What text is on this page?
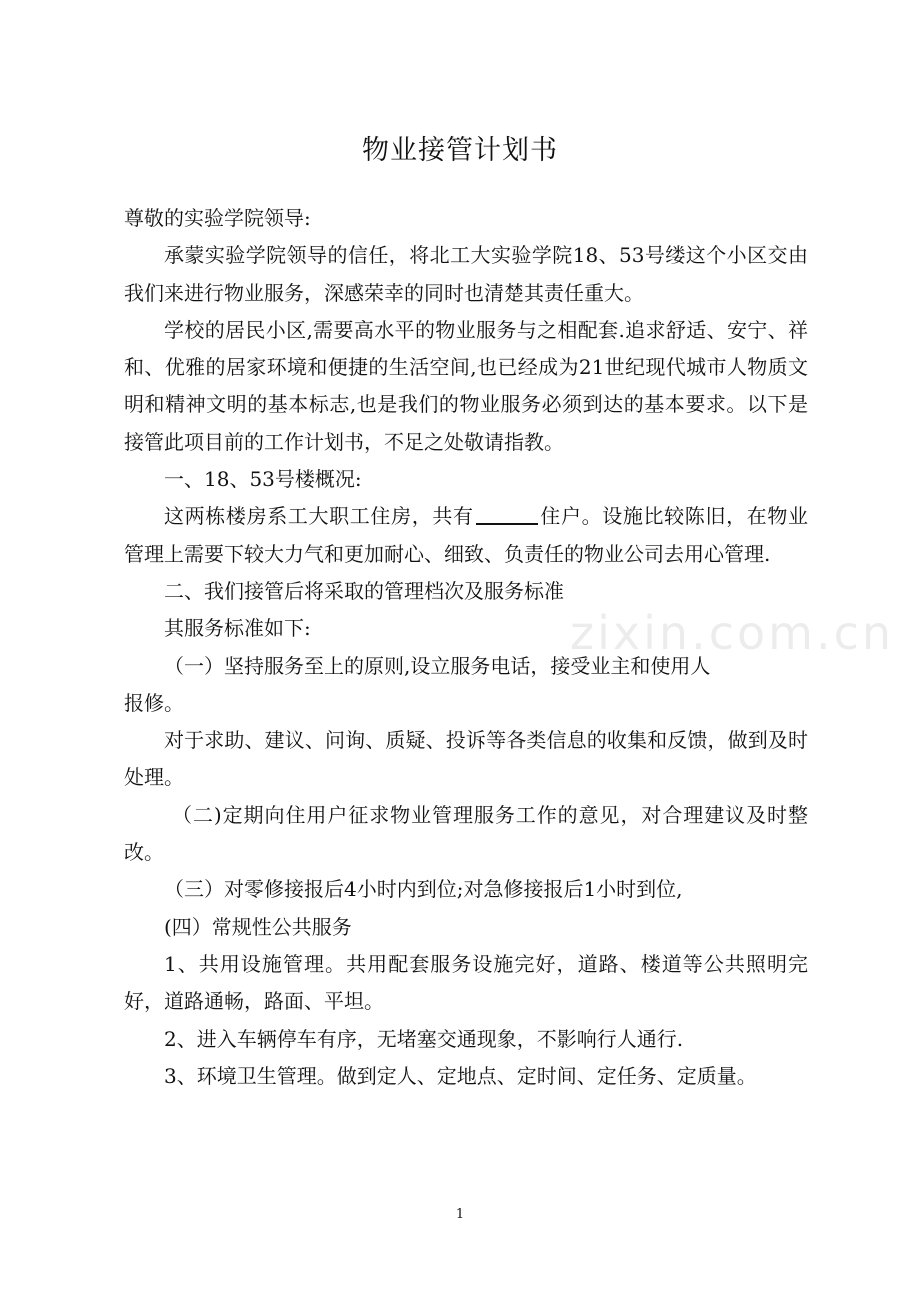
物业接管计划书

尊敬的实验学院领导:

承蒙实验学院领导的信任，将北工大实验学院18、53号缕这个小区交由我们来进行物业服务，深感荣幸的同时也清楚其责任重大。

学校的居民小区,需要高水平的物业服务与之相配套.追求舒适、安宁、祥和、优雅的居家环境和便捷的生活空间,也已经成为21世纪现代城市人物质文明和精神文明的基本标志,也是我们的物业服务必须到达的基本要求。以下是接管此项目前的工作计划书，不足之处敬请指教。

一、18、53号楼概况:

这两栋楼房系工大职工住房，共有	住户。设施比较陈旧，在物业管理上需要下较大力气和更加耐心、细致、负责任的物业公司去用心管理.

二、我们接管后将采取的管理档次及服务标准

其服务标准如下:

（一）坚持服务至上的原则,设立服务电话，接受业主和使用人

报修。

对于求助、建议、问询、质疑、投诉等各类信息的收集和反馈，做到及时处理。

（二)定期向住用户征求物业管理服务工作的意见，对合理建议及时整改。

（三）对零修接报后4小时内到位;对急修接报后1小时到位,

(四）常规性公共服务

1、共用设施管理。共用配套服务设施完好，道路、楼道等公共照明完好，道路通畅，路面、平坦。

2、进入车辆停车有序，无堵塞交通现象，不影响行人通行.

3、环境卫生管理。做到定人、定地点、定时间、定任务、定质量。

zixin.com.cn
1
